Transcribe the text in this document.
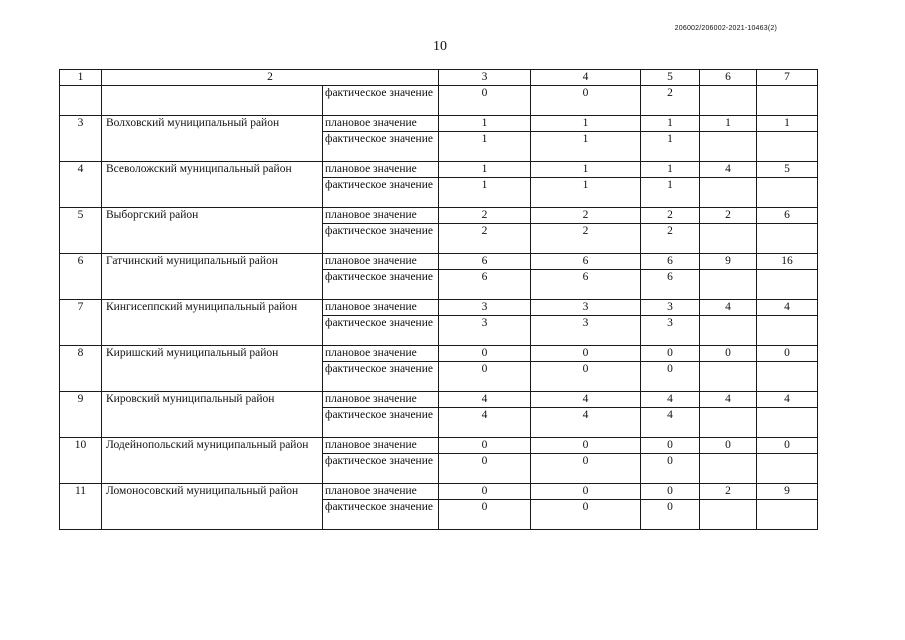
206002/206002-2021-10463(2)
10
1	2		3	4	5	6	7	
		фактическое значение	0	0	2			
3	Волховский муниципальный район	плановое значение	1	1	1	1	1	
		фактическое значение	1	1	1			
4	Всеволожский муниципальный район	плановое значение	1	1	1	4	5	
		фактическое значение	1	1	1			
5	Выборгский район	плановое значение	2	2	2	2	6	
		фактическое значение	2	2	2			
6	Гатчинский муниципальный район	плановое значение	6	6	6	9	16	
		фактическое значение	6	6	6			
7	Кингисеппский муниципальный район	плановое значение	3	3	3	4	4	
		фактическое значение	3	3	3			
8	Киришский муниципальный район	плановое значение	0	0	0	0	0	
		фактическое значение	0	0	0			
9	Кировский муниципальный район	плановое значение	4	4	4	4	4	
		фактическое значение	4	4	4			
10	Лодейнопольский муниципальный район	плановое значение	0	0	0	0	0	
		фактическое значение	0	0	0			
11	Ломоносовский муниципальный район	плановое значение	0	0	0	2	9	
		фактическое значение	0	0	0			
